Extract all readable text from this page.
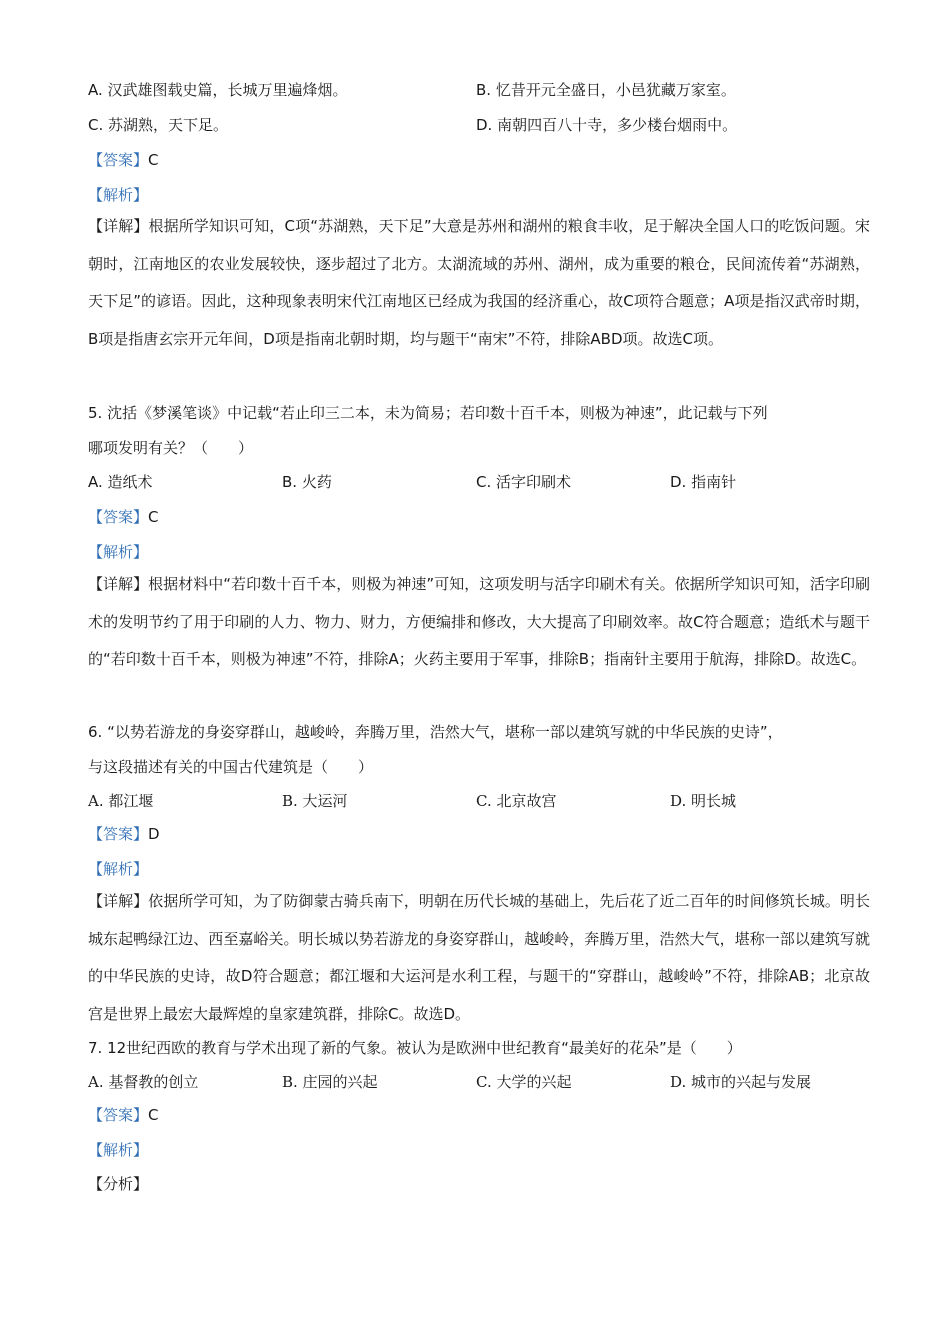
A. 汉武雄图载史篇，长城万里遍烽烟。	B. 忆昔开元全盛日，小邑犹藏万家室。
C. 苏湖熟，天下足。	D. 南朝四百八十寺，多少楼台烟雨中。
【答案】C
【解析】
【详解】根据所学知识可知，C项“苏湖熟，天下足”大意是苏州和湖州的粮食丰收，足于解决全国人口的吃饭问题。宋朝时，江南地区的农业发展较快，逐步超过了北方。太湖流域的苏州、湖州，成为重要的粮仓，民间流传着“苏湖熟，天下足”的谚语。因此，这种现象表明宋代江南地区已经成为我国的经济重心，故C项符合题意；A项是指汉武帝时期，B项是指唐玄宗开元年间，D项是指南北朝时期，均与题干“南宋”不符，排除ABD项。故选C项。
5. 沈括《梦溪笔谈》中记载“若止印三二本，未为简易；若印数十百千本，则极为神速”，此记载与下列
哪项发明有关？（　　）
A. 造纸术	B. 火药	C. 活字印刷术	D. 指南针
【答案】C
【解析】
【详解】根据材料中“若印数十百千本，则极为神速”可知，这项发明与活字印刷术有关。依据所学知识可知，活字印刷术的发明节约了用于印刷的人力、物力、财力，方便编排和修改，大大提高了印刷效率。故C符合题意；造纸术与题干的“若印数十百千本，则极为神速”不符，排除A；火药主要用于军事，排除B；指南针主要用于航海，排除D。故选C。
6. “以势若游龙的身姿穿群山，越峻岭，奔腾万里，浩然大气，堪称一部以建筑写就的中华民族的史诗”，
与这段描述有关的中国古代建筑是（　　）
A. 都江堰	B. 大运河	C. 北京故宫	D. 明长城
【答案】D
【解析】
【详解】依据所学可知，为了防御蒙古骑兵南下，明朝在历代长城的基础上，先后花了近二百年的时间修筑长城。明长城东起鸭绿江边、西至嘉峪关。明长城以势若游龙的身姿穿群山，越峻岭，奔腾万里，浩然大气，堪称一部以建筑写就的中华民族的史诗，故D符合题意；都江堰和大运河是水利工程，与题干的“穿群山，越峻岭”不符，排除AB；北京故宫是世界上最宏大最辉煌的皇家建筑群，排除C。故选D。
7. 12世纪西欧的教育与学术出现了新的气象。被认为是欧洲中世纪教育“最美好的花朵”是（　　）
A. 基督教的创立	B. 庄园的兴起	C. 大学的兴起	D. 城市的兴起与发展
【答案】C
【解析】
【分析】
